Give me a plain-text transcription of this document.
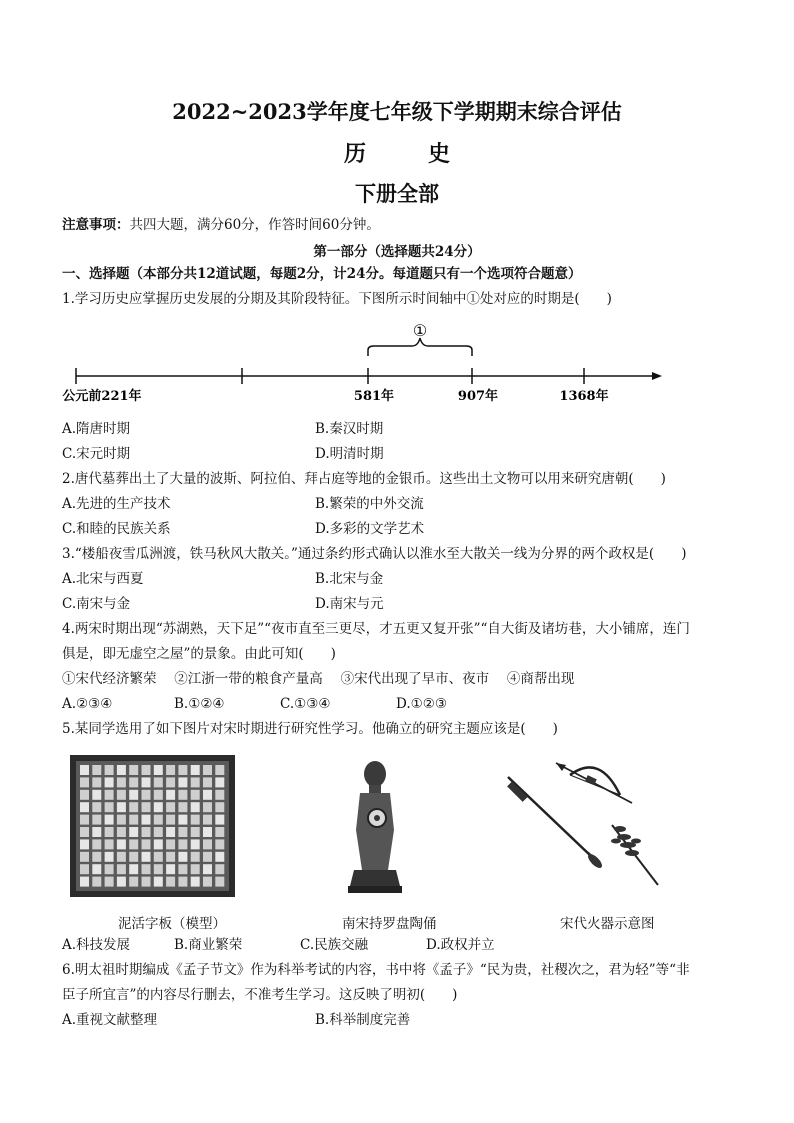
2022~2023学年度七年级下学期期末综合评估
历　史
下册全部
注意事项：共四大题，满分60分，作答时间60分钟。
第一部分（选择题共24分）
一、选择题（本部分共12道试题，每题2分，计24分。每道题只有一个选项符合题意）
1.学习历史应掌握历史发展的分期及其阶段特征。下图所示时间轴中①处对应的时期是(　　)
①
公元前221年	581年	907年	1368年
A.隋唐时期	B.秦汉时期
C.宋元时期	D.明清时期
2.唐代墓葬出土了大量的波斯、阿拉伯、拜占庭等地的金银币。这些出土文物可以用来研究唐朝(　　)
A.先进的生产技术	B.繁荣的中外交流
C.和睦的民族关系	D.多彩的文学艺术
3.“楼船夜雪瓜洲渡，铁马秋风大散关。”通过条约形式确认以淮水至大散关一线为分界的两个政权是(　　)
A.北宋与西夏	B.北宋与金
C.南宋与金	D.南宋与元
4.两宋时期出现“苏湖熟，天下足”“夜市直至三更尽，才五更又复开张”“自大街及诸坊巷，大小铺席，连门
俱是，即无虚空之屋”的景象。由此可知(　　)
①宋代经济繁荣　 ②江浙一带的粮食产量高　 ③宋代出现了早市、夜市　 ④商帮出现
A.②③④	B.①②④	C.①③④	D.①②③
5.某同学选用了如下图片对宋时期进行研究性学习。他确立的研究主题应该是(　　)
泥活字板（模型）	南宋持罗盘陶俑	宋代火器示意图
A.科技发展	B.商业繁荣	C.民族交融	D.政权并立
6.明太祖时期编成《孟子节文》作为科举考试的内容，书中将《孟子》“民为贵，社稷次之，君为轻”等“非
臣子所宜言”的内容尽行删去，不准考生学习。这反映了明初(　　)
A.重视文献整理	B.科举制度完善
